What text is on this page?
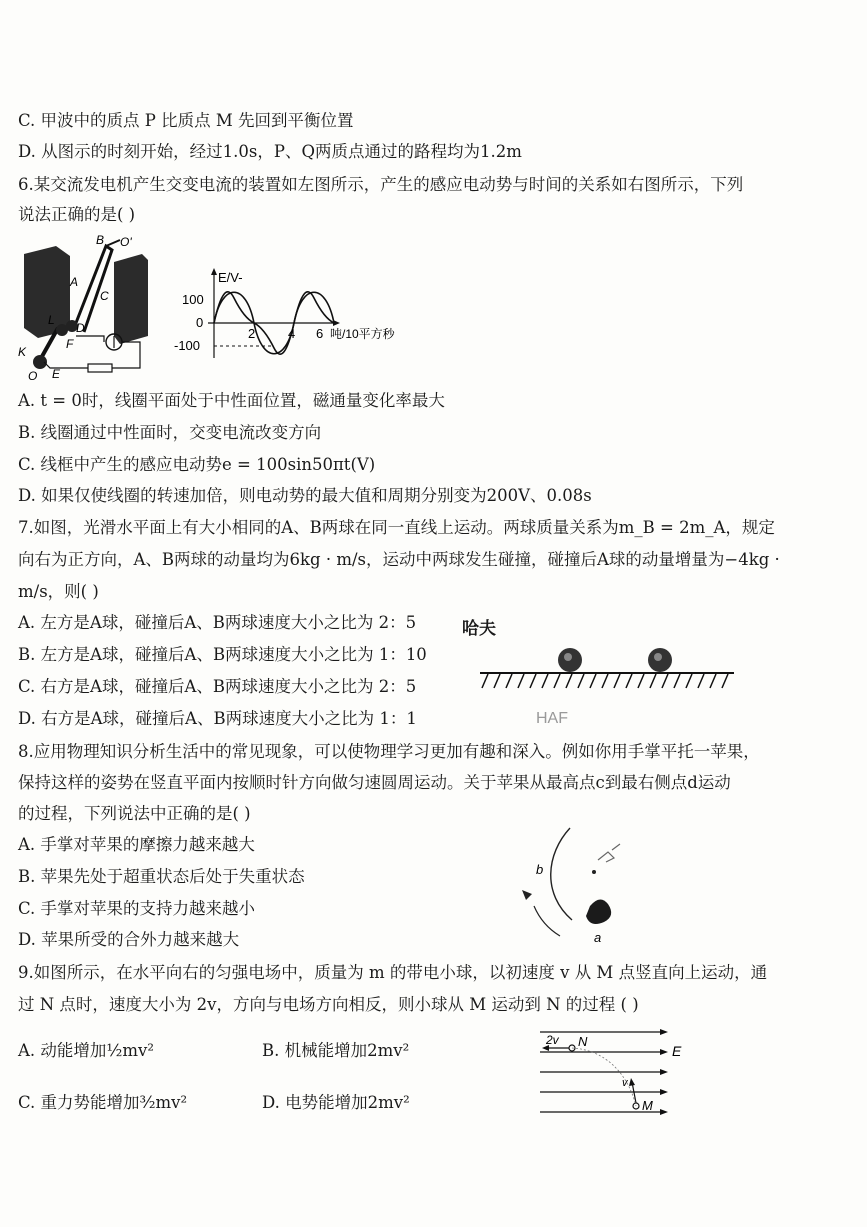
C. 甲波中的质点 P 比质点 M 先回到平衡位置
D. 从图示的时刻开始，经过1.0s，P、Q两质点通过的路程均为1.2m
6.某交流发电机产生交变电流的装置如左图所示，产生的感应电动势与时间的关系如右图所示，下列
说法正确的是( )
B O'
A
C
L
D
F
K
O E
E/V-
100
0
-100
2	4 6 吨/10平方秒
A. t = 0时，线圈平面处于中性面位置，磁通量变化率最大
B. 线圈通过中性面时，交变电流改变方向
C. 线框中产生的感应电动势e = 100sin50πt(V)
D. 如果仅使线圈的转速加倍，则电动势的最大值和周期分别变为200V、0.08s
7.如图，光滑水平面上有大小相同的A、B两球在同一直线上运动。两球质量关系为m_B = 2m_A，规定
向右为正方向，A、B两球的动量均为6kg · m/s，运动中两球发生碰撞，碰撞后A球的动量增量为−4kg ·
m/s，则( )
A. 左方是A球，碰撞后A、B两球速度大小之比为 2：5
B. 左方是A球，碰撞后A、B两球速度大小之比为 1：10
C. 右方是A球，碰撞后A、B两球速度大小之比为 2：5
D. 右方是A球，碰撞后A、B两球速度大小之比为 1：1
哈夫
HAF
8.应用物理知识分析生活中的常见现象，可以使物理学习更加有趣和深入。例如你用手掌平托一苹果，
保持这样的姿势在竖直平面内按顺时针方向做匀速圆周运动。关于苹果从最高点c到最右侧点d运动
的过程，下列说法中正确的是( )
A. 手掌对苹果的摩擦力越来越大
B. 苹果先处于超重状态后处于失重状态
C. 手掌对苹果的支持力越来越小
D. 苹果所受的合外力越来越大
b
a
9.如图所示，在水平向右的匀强电场中，质量为 m 的带电小球，以初速度 v 从 M 点竖直向上运动，通
过 N 点时，速度大小为 2v，方向与电场方向相反，则小球从 M 运动到 N 的过程 ( )
A. 动能增加½mv²	B. 机械能增加2mv²
C. 重力势能增加³⁄₂mv²	D. 电势能增加2mv²
2v N
E
v
M
